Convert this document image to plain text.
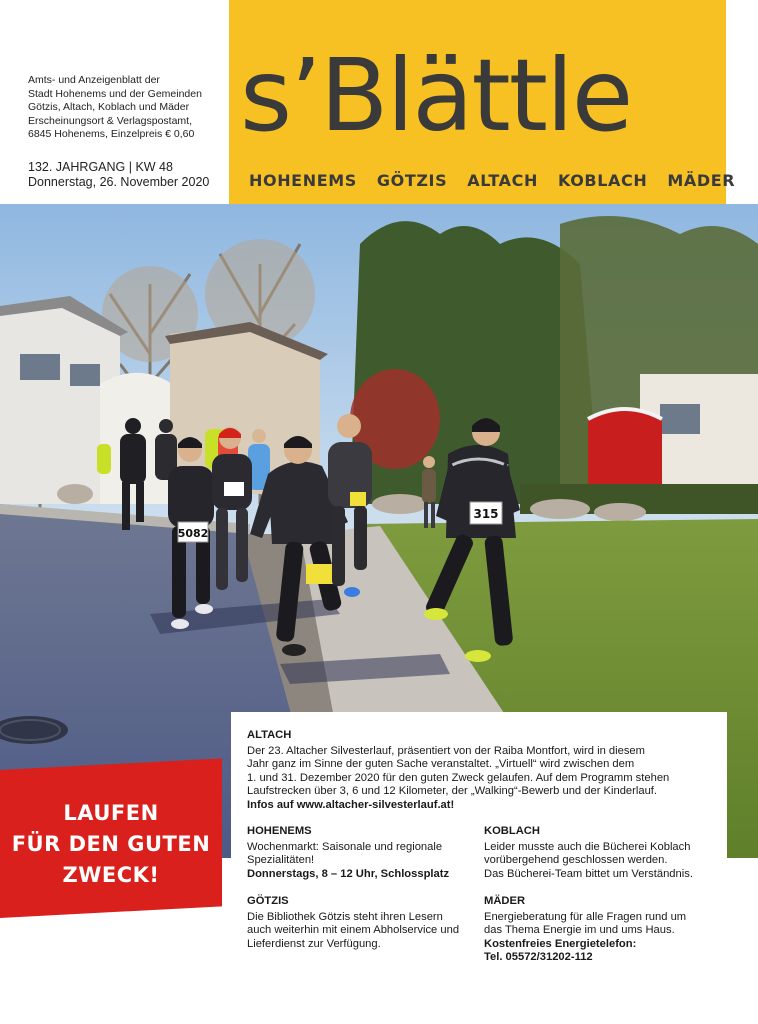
Amts- und Anzeigenblatt der
Stadt Hohenems und der Gemeinden
Götzis, Altach, Koblach und Mäder
Erscheinungsort & Verlagspostamt,
6845 Hohenems, Einzelpreis € 0,60
132. JAHRGANG | KW 48
Donnerstag, 26. November 2020
s’Blättle
HOHENEMS GÖTZIS ALTACH KOBLACH MÄDER
5082
315
LAUFEN
FÜR DEN GUTEN
ZWECK!
ALTACH

Der 23. Altacher Silvesterlauf, präsentiert von der Raiba Montfort, wird in diesem

Jahr ganz im Sinne der guten Sache veranstaltet. „Virtuell“ wird zwischen dem

1. und 31. Dezember 2020 für den guten Zweck gelaufen. Auf dem Programm stehen

Laufstrecken über 3, 6 und 12 Kilometer, der „Walking“-Bewerb und der Kinderlauf.

Infos auf www.altacher-silvesterlauf.at!

HOHENEMS

Wochenmarkt: Saisonale und regionale

Spezialitäten!

Donnerstags, 8 – 12 Uhr, Schlossplatz

KOBLACH

Leider musste auch die Bücherei Koblach

vorübergehend geschlossen werden.

Das Bücherei-Team bittet um Verständnis.

GÖTZIS

Die Bibliothek Götzis steht ihren Lesern

auch weiterhin mit einem Abholservice und

Lieferdienst zur Verfügung.

MÄDER

Energieberatung für alle Fragen rund um

das Thema Energie im und ums Haus.

Kostenfreies Energietelefon:

Tel. 05572/31202-112
